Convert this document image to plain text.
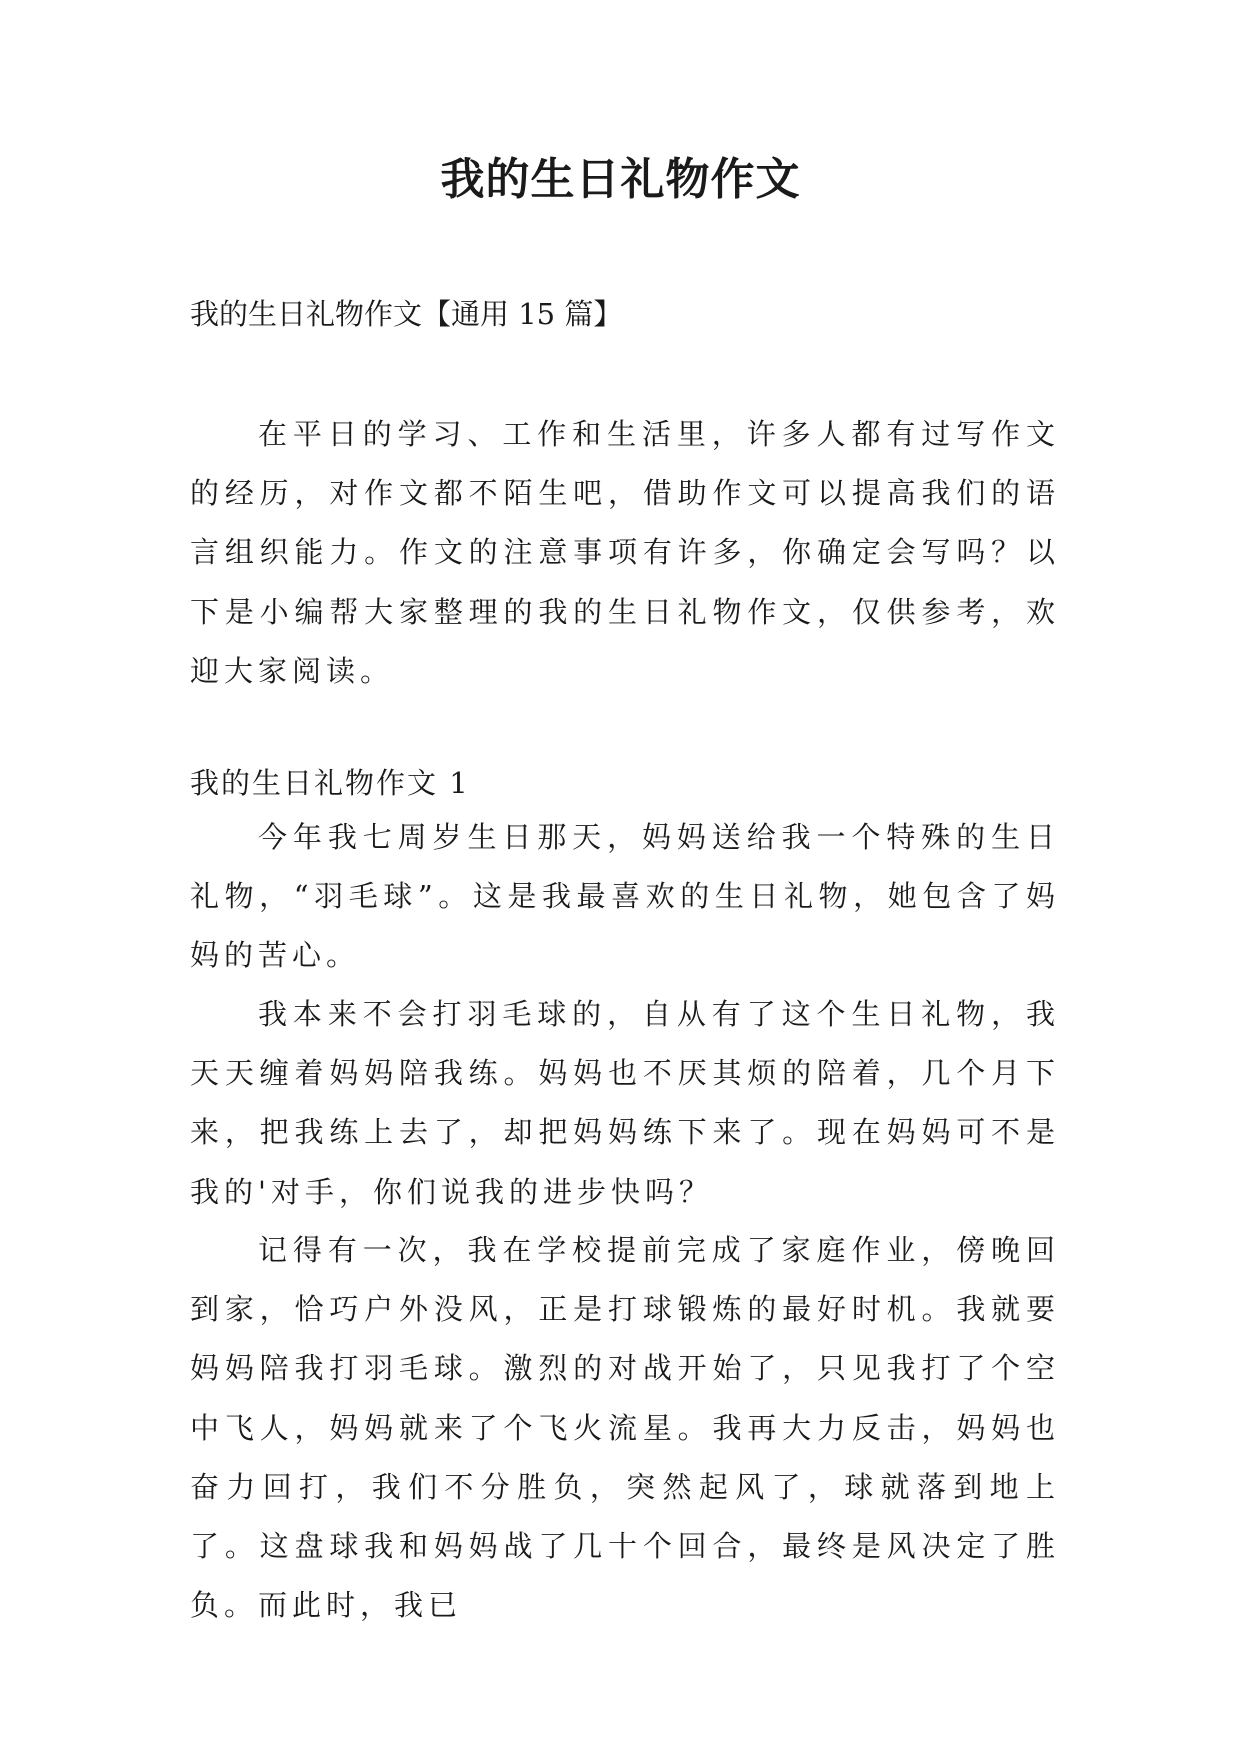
我的生日礼物作文

我的生日礼物作文【通用 15 篇】

在平日的学习、工作和生活里，许多人都有过写作文的经历，对作文都不陌生吧，借助作文可以提高我们的语言组织能力。作文的注意事项有许多，你确定会写吗？以下是小编帮大家整理的我的生日礼物作文，仅供参考，欢迎大家阅读。

我的生日礼物作文 1

今年我七周岁生日那天，妈妈送给我一个特殊的生日礼物，“羽毛球”。这是我最喜欢的生日礼物，她包含了妈妈的苦心。

我本来不会打羽毛球的，自从有了这个生日礼物，我天天缠着妈妈陪我练。妈妈也不厌其烦的陪着，几个月下来，把我练上去了，却把妈妈练下来了。现在妈妈可不是我的'对手，你们说我的进步快吗？

记得有一次，我在学校提前完成了家庭作业，傍晚回到家，恰巧户外没风，正是打球锻炼的最好时机。我就要妈妈陪我打羽毛球。激烈的对战开始了，只见我打了个空中飞人，妈妈就来了个飞火流星。我再大力反击，妈妈也奋力回打，我们不分胜负，突然起风了，球就落到地上了。这盘球我和妈妈战了几十个回合，最终是风决定了胜负。而此时，我已
